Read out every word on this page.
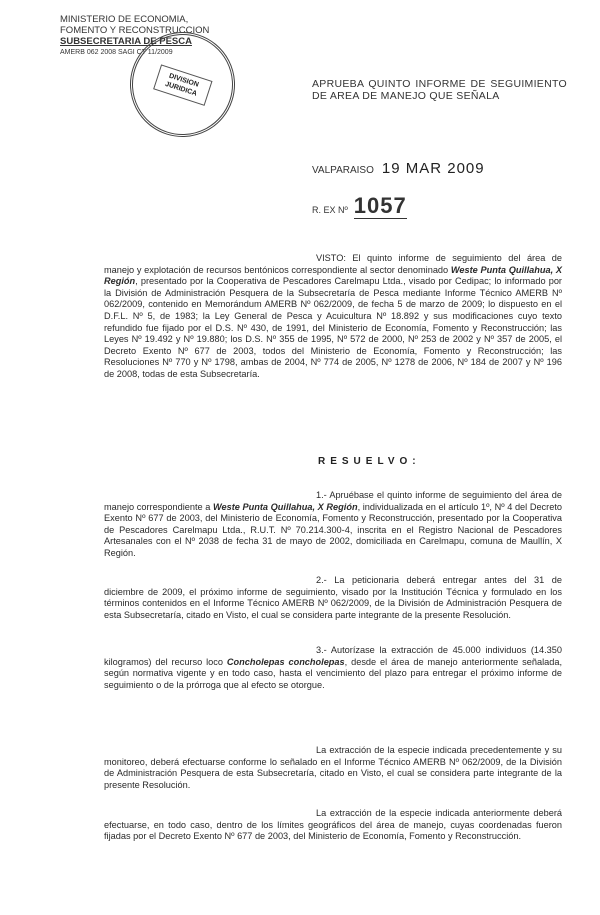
MINISTERIO DE ECONOMIA,
FOMENTO Y RECONSTRUCCION
SUBSECRETARIA DE PESCA
AMERB 062 2008 SAGI CT 11/2009
DIVISION JURIDICA	APRUEBA QUINTO INFORME DE SEGUIMIENTO DE AREA DE MANEJO QUE SEÑALA
VALPARAISO 19 MAR 2009
R. EX Nº 1057
VISTO: El quinto informe de seguimiento del área de manejo y explotación de recursos bentónicos correspondiente al sector denominado Weste Punta Quillahua, X Región, presentado por la Cooperativa de Pescadores Carelmapu Ltda., visado por Cedipac; lo informado por la División de Administración Pesquera de la Subsecretaría de Pesca mediante Informe Técnico AMERB Nº 062/2009, contenido en Memorándum AMERB Nº 062/2009, de fecha 5 de marzo de 2009; lo dispuesto en el D.F.L. Nº 5, de 1983; la Ley General de Pesca y Acuicultura Nº 18.892 y sus modificaciones cuyo texto refundido fue fijado por el D.S. Nº 430, de 1991, del Ministerio de Economía, Fomento y Reconstrucción; las Leyes Nº 19.492 y Nº 19.880; los D.S. Nº 355 de 1995, Nº 572 de 2000, Nº 253 de 2002 y Nº 357 de 2005, el Decreto Exento Nº 677 de 2003, todos del Ministerio de Economía, Fomento y Reconstrucción; las Resoluciones Nº 770 y Nº 1798, ambas de 2004, Nº 774 de 2005, Nº 1278 de 2006, Nº 184 de 2007 y Nº 196 de 2008, todas de esta Subsecretaría.
RESUELVO:
1.- Apruébase el quinto informe de seguimiento del área de manejo correspondiente a Weste Punta Quillahua, X Región, individualizada en el artículo 1º, Nº 4 del Decreto Exento Nº 677 de 2003, del Ministerio de Economía, Fomento y Reconstrucción, presentado por la Cooperativa de Pescadores Carelmapu Ltda., R.U.T. Nº 70.214.300-4, inscrita en el Registro Nacional de Pescadores Artesanales con el Nº 2038 de fecha 31 de mayo de 2002, domiciliada en Carelmapu, comuna de Maullín, X Región.
2.- La peticionaria deberá entregar antes del 31 de diciembre de 2009, el próximo informe de seguimiento, visado por la Institución Técnica y formulado en los términos contenidos en el Informe Técnico AMERB Nº 062/2009, de la División de Administración Pesquera de esta Subsecretaría, citado en Visto, el cual se considera parte integrante de la presente Resolución.
3.- Autorízase la extracción de 45.000 individuos (14.350 kilogramos) del recurso loco Concholepas concholepas, desde el área de manejo anteriormente señalada, según normativa vigente y en todo caso, hasta el vencimiento del plazo para entregar el próximo informe de seguimiento o de la prórroga que al efecto se otorgue.
La extracción de la especie indicada precedentemente y su monitoreo, deberá efectuarse conforme lo señalado en el Informe Técnico AMERB Nº 062/2009, de la División de Administración Pesquera de esta Subsecretaría, citado en Visto, el cual se considera parte integrante de la presente Resolución.
La extracción de la especie indicada anteriormente deberá efectuarse, en todo caso, dentro de los límites geográficos del área de manejo, cuyas coordenadas fueron fijadas por el Decreto Exento Nº 677 de 2003, del Ministerio de Economía, Fomento y Reconstrucción.
